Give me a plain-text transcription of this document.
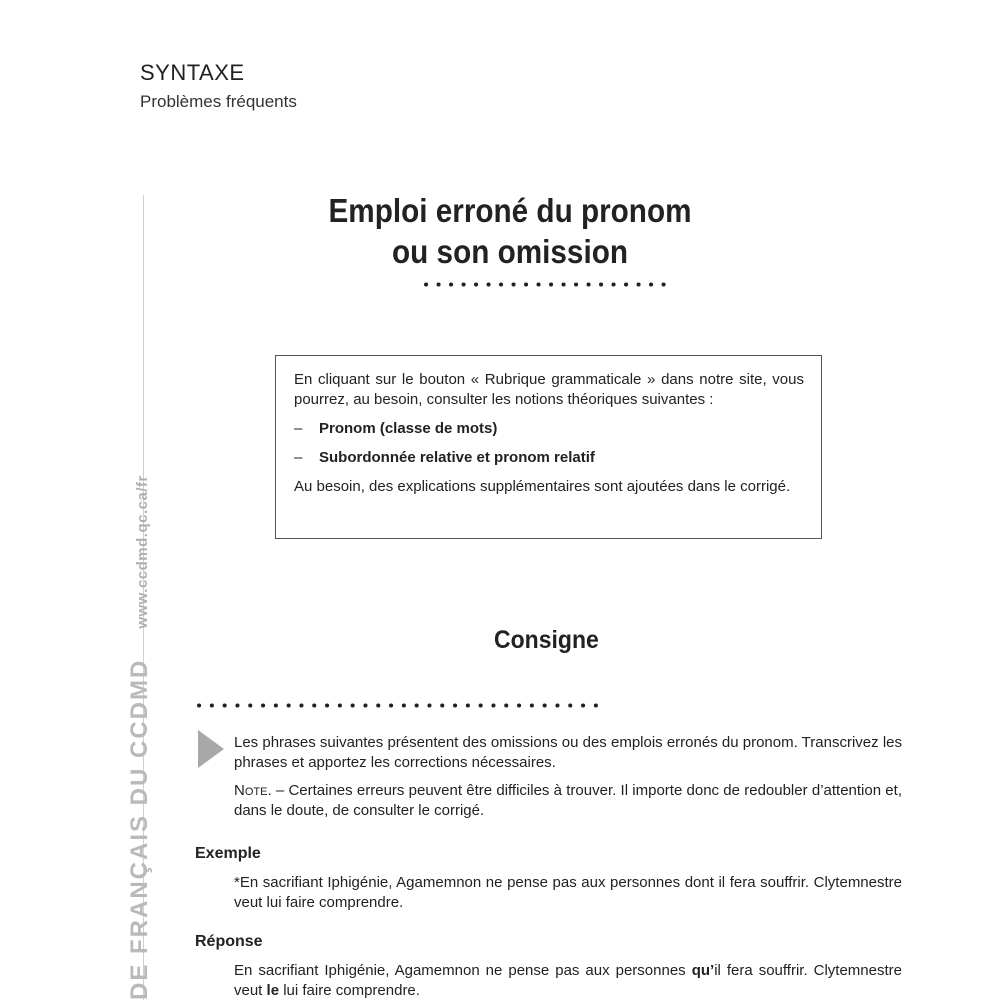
SYNTAXE
Problèmes fréquents
DE FRANÇAIS DU CCDMDwww.ccdmd.qc.ca/fr
Emploi erroné du pronom
ou son omission

En cliquant sur le bouton « Rubrique grammaticale » dans notre site, vous pourrez, au besoin, consulter les notions théoriques suivantes :

– Pronom (classe de mots)

– Subordonnée relative et pronom relatif

Au besoin, des explications supplémentaires sont ajoutées dans le corrigé.

Consigne
Les phrases suivantes présentent des omissions ou des emplois erronés du pronom. Transcrivez les phrases et apportez les corrections nécessaires.
Note. – Certaines erreurs peuvent être difficiles à trouver. Il importe donc de redoubler d’attention et, dans le doute, de consulter le corrigé.
Exemple
*En sacrifiant Iphigénie, Agamemnon ne pense pas aux personnes dont il fera souffrir. Clytemnestre veut lui faire comprendre.
Réponse
En sacrifiant Iphigénie, Agamemnon ne pense pas aux personnes qu’il fera souffrir. Clytemnestre veut le lui faire comprendre.
